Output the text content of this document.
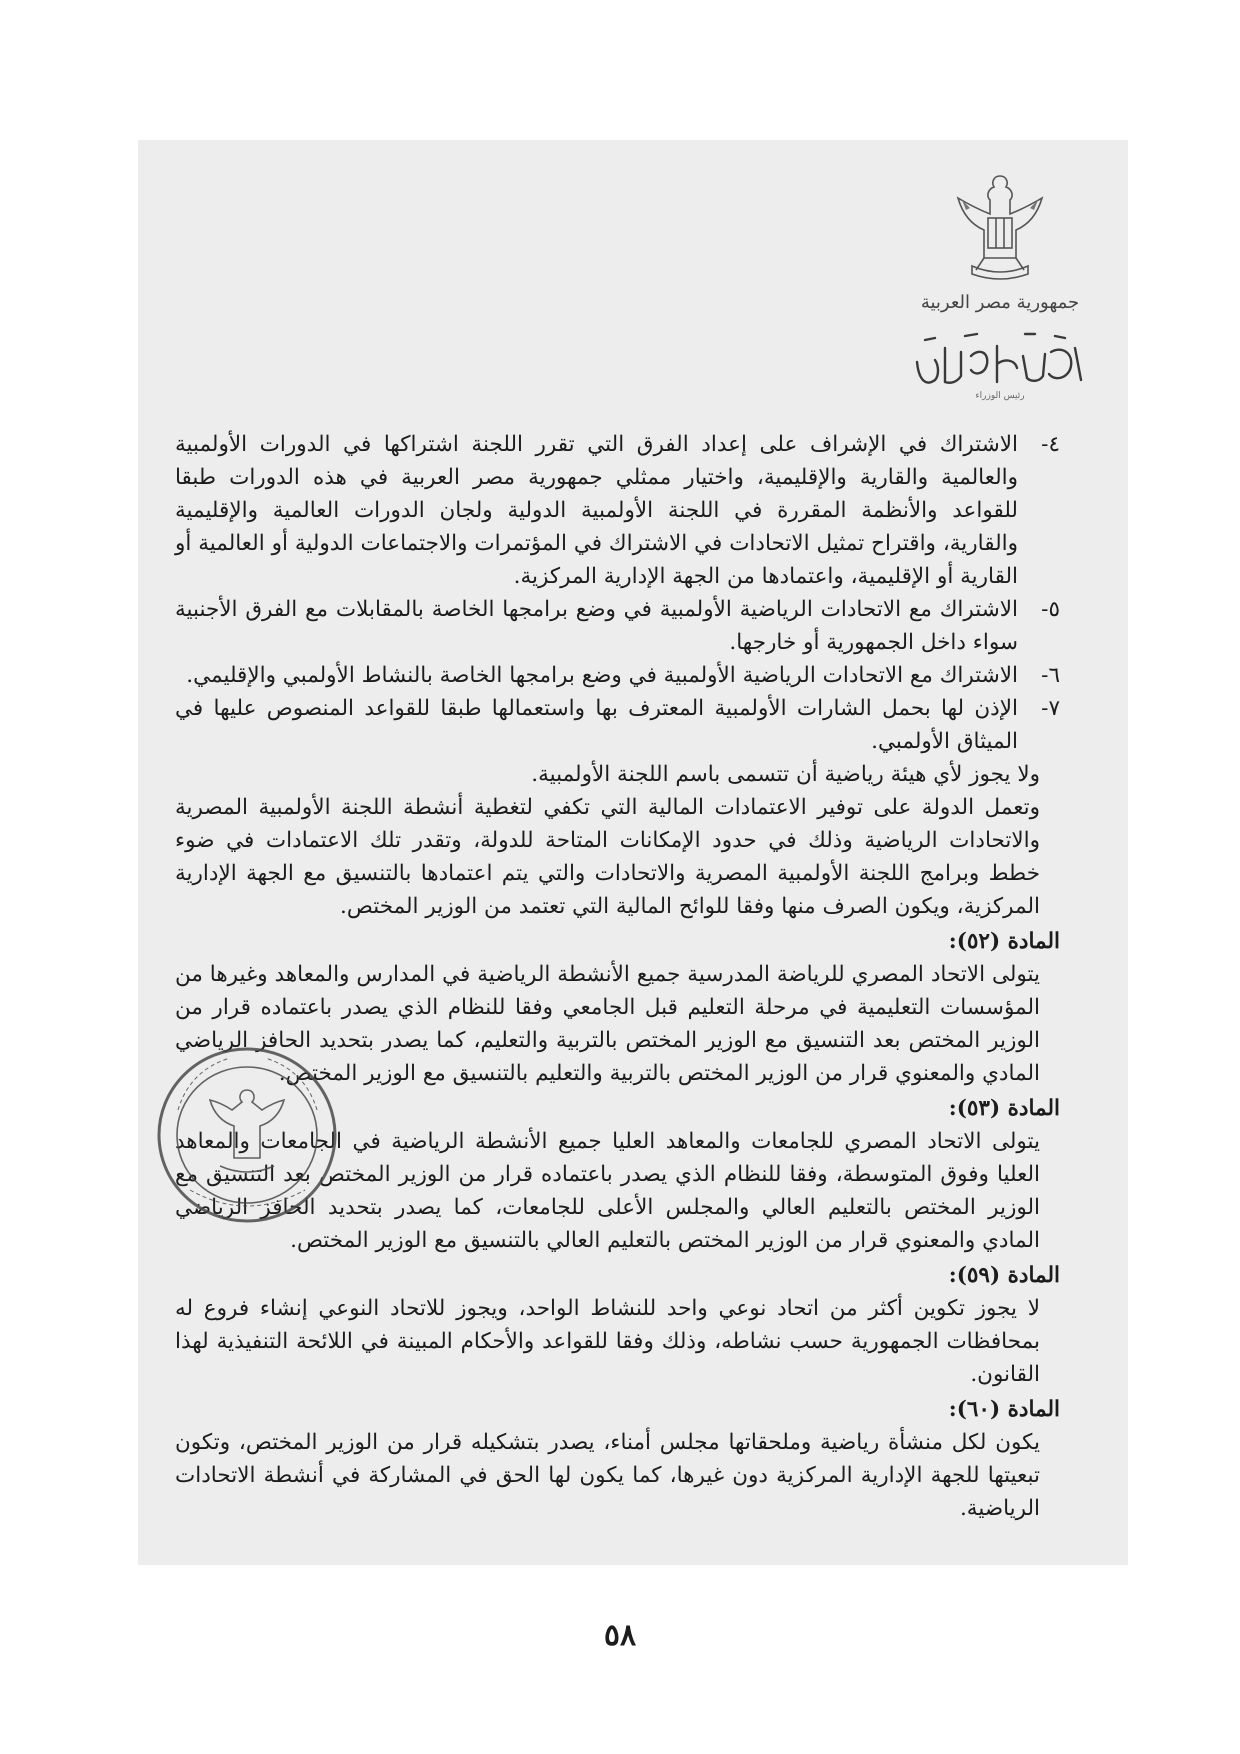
جمهورية مصر العربية
رئيس الوزراء
٤-
الاشتراك في الإشراف على إعداد الفرق التي تقرر اللجنة اشتراكها في الدورات الأولمبية والعالمية والقارية والإقليمية، واختيار ممثلي جمهورية مصر العربية في هذه الدورات طبقا للقواعد والأنظمة المقررة في اللجنة الأولمبية الدولية ولجان الدورات العالمية والإقليمية والقارية، واقتراح تمثيل الاتحادات في الاشتراك في المؤتمرات والاجتماعات الدولية أو العالمية أو القارية أو الإقليمية، واعتمادها من الجهة الإدارية المركزية.
٥-
الاشتراك مع الاتحادات الرياضية الأولمبية في وضع برامجها الخاصة بالمقابلات مع الفرق الأجنبية سواء داخل الجمهورية أو خارجها.
٦-
الاشتراك مع الاتحادات الرياضية الأولمبية في وضع برامجها الخاصة بالنشاط الأولمبي والإقليمي.
٧-
الإذن لها بحمل الشارات الأولمبية المعترف بها واستعمالها طبقا للقواعد المنصوص عليها في الميثاق الأولمبي.

ولا يجوز لأي هيئة رياضية أن تتسمى باسم اللجنة الأولمبية.

وتعمل الدولة على توفير الاعتمادات المالية التي تكفي لتغطية أنشطة اللجنة الأولمبية المصرية والاتحادات الرياضية وذلك في حدود الإمكانات المتاحة للدولة، وتقدر تلك الاعتمادات في ضوء خطط وبرامج اللجنة الأولمبية المصرية والاتحادات والتي يتم اعتمادها بالتنسيق مع الجهة الإدارية المركزية، ويكون الصرف منها وفقا للوائح المالية التي تعتمد من الوزير المختص.

المادة (٥٢):

يتولى الاتحاد المصري للرياضة المدرسية جميع الأنشطة الرياضية في المدارس والمعاهد وغيرها من المؤسسات التعليمية في مرحلة التعليم قبل الجامعي وفقا للنظام الذي يصدر باعتماده قرار من الوزير المختص بعد التنسيق مع الوزير المختص بالتربية والتعليم، كما يصدر بتحديد الحافز الرياضي المادي والمعنوي قرار من الوزير المختص بالتربية والتعليم بالتنسيق مع الوزير المختص.

المادة (٥٣):

يتولى الاتحاد المصري للجامعات والمعاهد العليا جميع الأنشطة الرياضية في الجامعات والمعاهد العليا وفوق المتوسطة، وفقا للنظام الذي يصدر باعتماده قرار من الوزير المختص بعد التنسيق مع الوزير المختص بالتعليم العالي والمجلس الأعلى للجامعات، كما يصدر بتحديد الحافز الرياضي المادي والمعنوي قرار من الوزير المختص بالتعليم العالي بالتنسيق مع الوزير المختص.

المادة (٥٩):

لا يجوز تكوين أكثر من اتحاد نوعي واحد للنشاط الواحد، ويجوز للاتحاد النوعي إنشاء فروع له بمحافظات الجمهورية حسب نشاطه، وذلك وفقا للقواعد والأحكام المبينة في اللائحة التنفيذية لهذا القانون.

المادة (٦٠):

يكون لكل منشأة رياضية وملحقاتها مجلس أمناء، يصدر بتشكيله قرار من الوزير المختص، وتكون تبعيتها للجهة الإدارية المركزية دون غيرها، كما يكون لها الحق في المشاركة في أنشطة الاتحادات الرياضية.

٥٨
